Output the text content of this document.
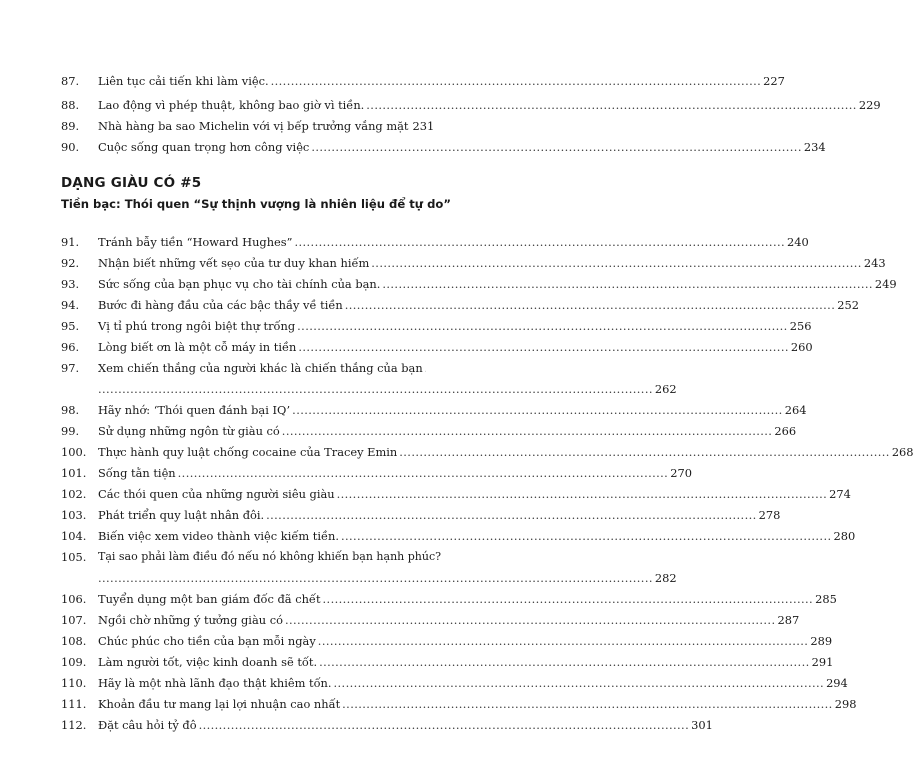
87.	Liên tục cải tiến khi làm việc. .......................................................................................................................... 227
88.	Lao động vì phép thuật, không bao giờ vì tiền. .......................................................................................................................... 229
89.	Nhà hàng ba sao Michelin với vị bếp trưởng vắng mặt 231
90.	Cuộc sống quan trọng hơn công việc .......................................................................................................................... 234
DẠNG GIÀU CÓ #5
Tiền bạc: Thói quen “Sự thịnh vượng là nhiên liệu để tự do”
91.	Tránh bẫy tiền “Howard Hughes” .......................................................................................................................... 240
92.	Nhận biết những vết sẹo của tư duy khan hiếm .......................................................................................................................... 243
93.	Sức sống của bạn phục vụ cho tài chính của bạn. .......................................................................................................................... 249
94.	Bước đi hàng đầu của các bậc thầy về tiền .......................................................................................................................... 252
95.	Vị tỉ phú trong ngôi biệt thự trống .......................................................................................................................... 256
96.	Lòng biết ơn là một cỗ máy in tiền .......................................................................................................................... 260
97.	Xem chiến thắng của người khác là chiến thắng của bạn
.......................................................................................................................................... 262
98.	Hãy nhớ: ‘Thói quen đánh bại IQ’ .......................................................................................................................... 264
99.	Sử dụng những ngôn từ giàu có .......................................................................................................................... 266
100.	Thực hành quy luật chống cocaine của Tracey Emin .......................................................................................................................... 268
101.	Sống tằn tiện .......................................................................................................................... 270
102.	Các thói quen của những người siêu giàu .......................................................................................................................... 274
103.	Phát triển quy luật nhân đôi. .......................................................................................................................... 278
104.	Biến việc xem video thành việc kiếm tiền. .......................................................................................................................... 280
105.	Tại sao phải làm điều đó nếu nó không khiến bạn hạnh phúc?
.......................................................................................................................................... 282
106.	Tuyển dụng một ban giám đốc đã chết .......................................................................................................................... 285
107.	Ngồi chờ những ý tưởng giàu có .......................................................................................................................... 287
108.	Chúc phúc cho tiền của bạn mỗi ngày .......................................................................................................................... 289
109.	Làm người tốt, việc kinh doanh sẽ tốt. .......................................................................................................................... 291
110.	Hãy là một nhà lãnh đạo thật khiêm tốn. .......................................................................................................................... 294
111.	Khoản đầu tư mang lại lợi nhuận cao nhất .......................................................................................................................... 298
112.	Đặt câu hỏi tỷ đô .......................................................................................................................... 301
